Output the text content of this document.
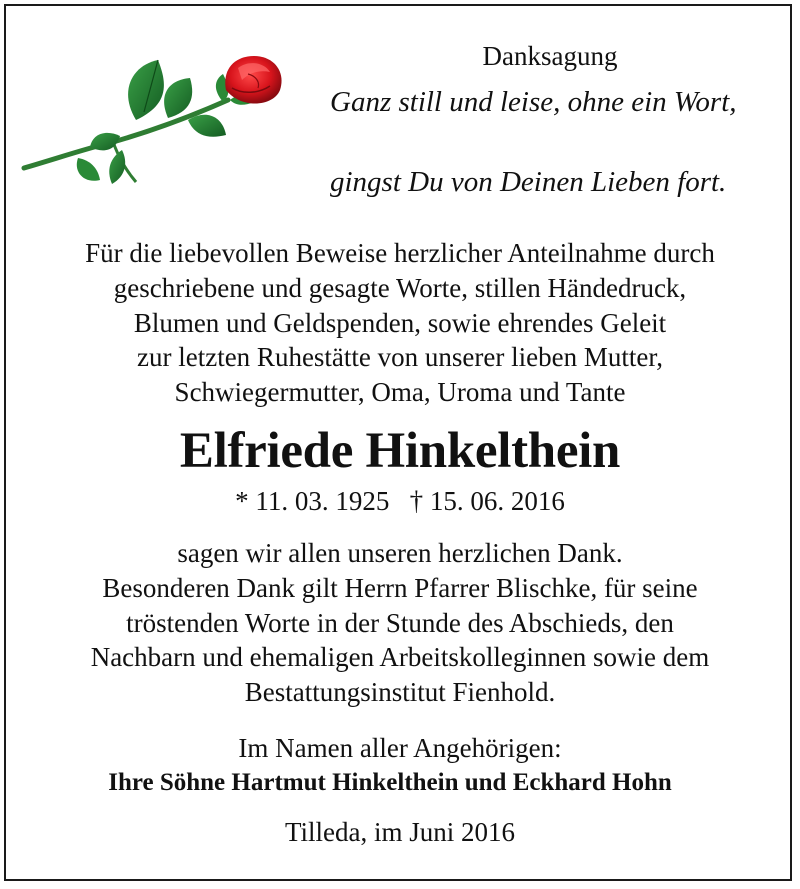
Danksagung
Ganz still und leise, ohne ein Wort,
gingst Du von Deinen Lieben fort.
Für die liebevollen Beweise herzlicher Anteilnahme durch
geschriebene und gesagte Worte, stillen Händedruck,
Blumen und Geldspenden, sowie ehrendes Geleit
zur letzten Ruhestätte von unserer lieben Mutter,
Schwiegermutter, Oma, Uroma und Tante
Elfriede Hinkelthein
* 11. 03. 1925   † 15. 06. 2016
sagen wir allen unseren herzlichen Dank.
Besonderen Dank gilt Herrn Pfarrer Blischke, für seine
tröstenden Worte in der Stunde des Abschieds, den
Nachbarn und ehemaligen Arbeitskolleginnen sowie dem
Bestattungsinstitut Fienhold.
Im Namen aller Angehörigen:
Ihre Söhne Hartmut Hinkelthein und Eckhard Hohn
Tilleda, im Juni 2016
